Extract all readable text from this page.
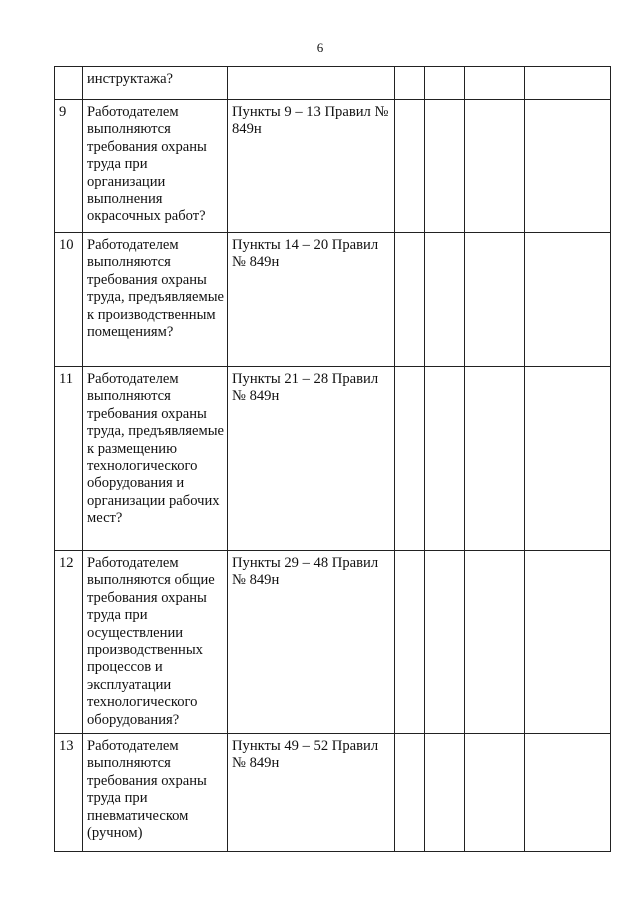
6
	инструктажа?					
9	Работодателем выполняются требования охраны труда при организации выполнения окрасочных работ?	Пункты 9 – 13 Правил № 849н				
10	Работодателем выполняются требования охраны труда, предъявляемые к производственным помещениям?	Пункты 14 – 20 Правил № 849н				
11	Работодателем выполняются требования охраны труда, предъявляемые к размещению технологического оборудования и организации рабочих мест?	Пункты 21 – 28 Правил № 849н				
12	Работодателем выполняются общие требования охраны труда при осуществлении производственных процессов и эксплуатации технологического оборудования?	Пункты 29 – 48 Правил № 849н				
13	Работодателем выполняются требования охраны труда при пневматическом (ручном)	Пункты 49 – 52 Правил № 849н				
